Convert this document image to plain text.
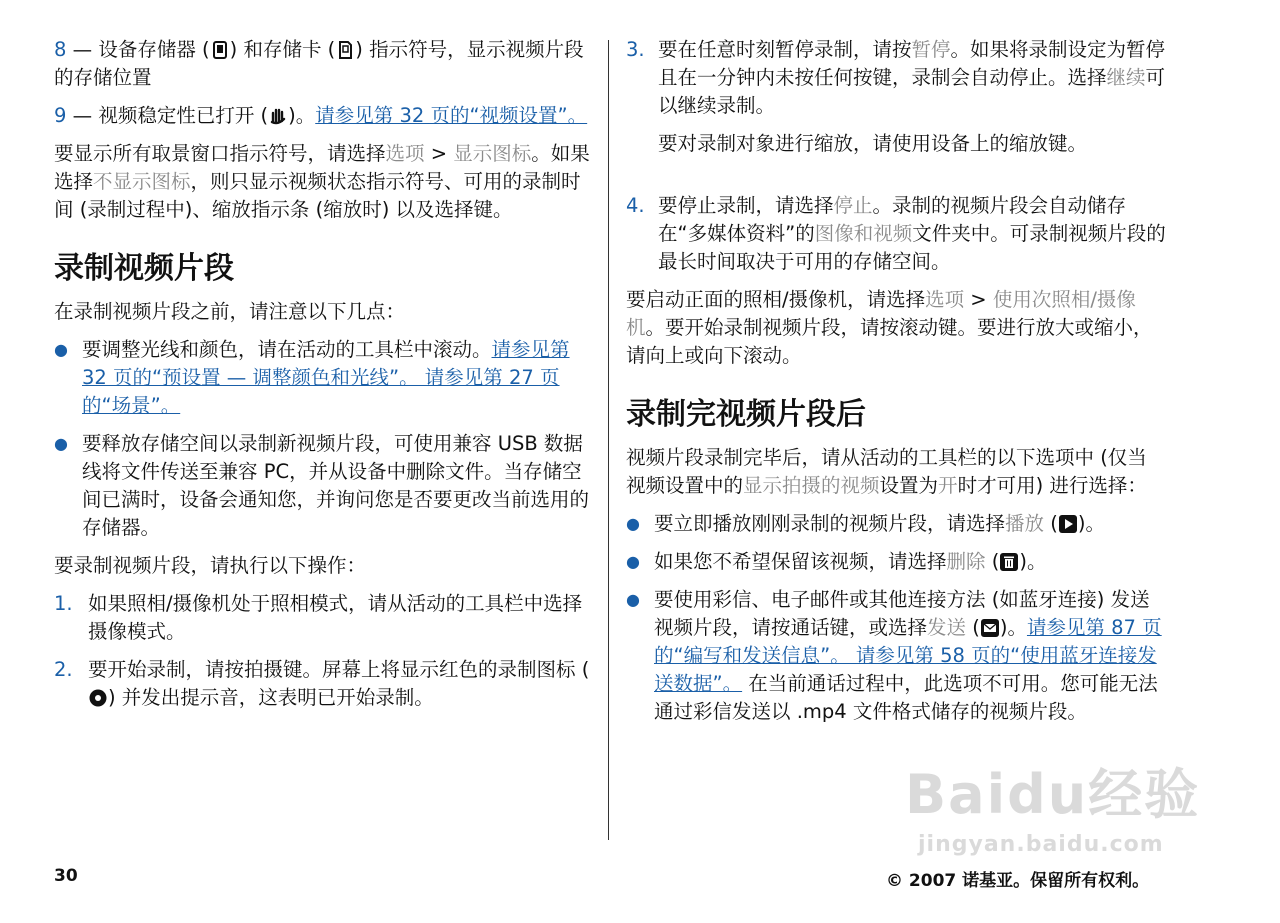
8 — 设备存储器 ( ) 和存储卡 ( ) 指示符号，显示视频片段的存储位置

9 — 视频稳定性已打开 ( )。请参见第 32 页的“视频设置”。

要显示所有取景窗口指示符号，请选择选项 > 显示图标。如果选择不显示图标，则只显示视频状态指示符号、可用的录制时间 (录制过程中)、缩放指示条 (缩放时) 以及选择键。

录制视频片段

在录制视频片段之前，请注意以下几点：

● 要调整光线和颜色，请在活动的工具栏中滚动。请参见第 32 页的“预设置 — 调整颜色和光线”。 请参见第 27 页的“场景”。
● 要释放存储空间以录制新视频片段，可使用兼容 USB 数据线将文件传送至兼容 PC，并从设备中删除文件。当存储空间已满时，设备会通知您，并询问您是否要更改当前选用的存储器。

要录制视频片段，请执行以下操作：

1. 如果照相/摄像机处于照相模式，请从活动的工具栏中选择摄像模式。
2. 要开始录制，请按拍摄键。屏幕上将显示红色的录制图标 () 并发出提示音，这表明已开始录制。
3. 要在任意时刻暂停录制，请按暂停。如果将录制设定为暂停且在一分钟内未按任何按键，录制会自动停止。选择继续可以继续录制。

要对录制对象进行缩放，请使用设备上的缩放键。

4. 要停止录制，请选择停止。录制的视频片段会自动储存在“多媒体资料”的图像和视频文件夹中。可录制视频片段的最长时间取决于可用的存储空间。

要启动正面的照相/摄像机，请选择选项 > 使用次照相/摄像机。要开始录制视频片段，请按滚动键。要进行放大或缩小，请向上或向下滚动。

录制完视频片段后

视频片段录制完毕后，请从活动的工具栏的以下选项中 (仅当视频设置中的显示拍摄的视频设置为开时才可用) 进行选择：

● 要立即播放刚刚录制的视频片段，请选择播放 ( )。
● 如果您不希望保留该视频，请选择删除 ( )。
● 要使用彩信、电子邮件或其他连接方法 (如蓝牙连接) 发送视频片段，请按通话键，或选择发送 ( )。请参见第 87 页的“编写和发送信息”。 请参见第 58 页的“使用蓝牙连接发送数据”。 在当前通话过程中，此选项不可用。您可能无法通过彩信发送以 .mp4 文件格式储存的视频片段。
30	© 2007 诺基亚。保留所有权利。
Baidu经验
jingyan.baidu.com
